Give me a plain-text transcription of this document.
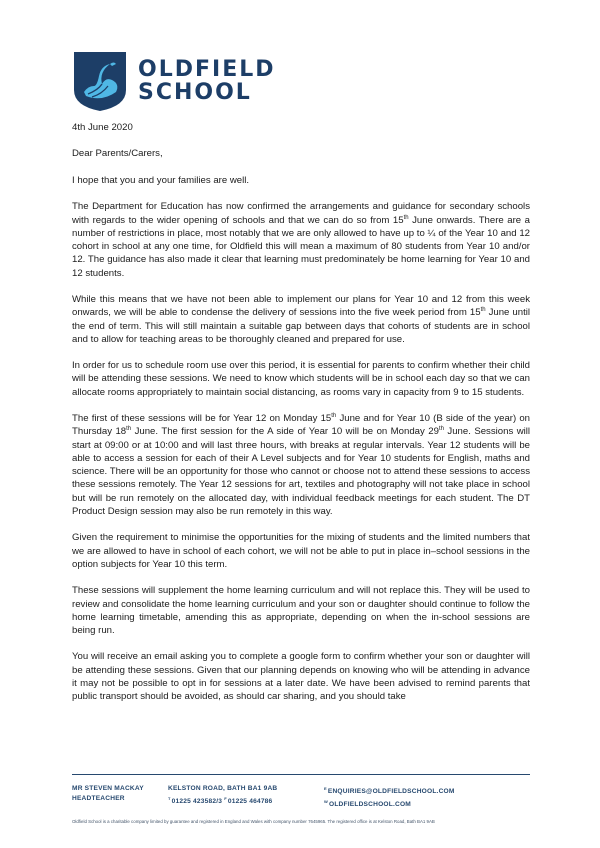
OLDFIELD
SCHOOL

4th June 2020

Dear Parents/Carers,

I hope that you and your families are well.

The Department for Education has now confirmed the arrangements and guidance for secondary schools with regards to the wider opening of schools and that we can do so from 15th June onwards. There are a number of restrictions in place, most notably that we are only allowed to have up to ¼ of the Year 10 and 12 cohort in school at any one time, for Oldfield this will mean a maximum of 80 students from Year 10 and/or 12. The guidance has also made it clear that learning must predominately be home learning for Year 10 and 12 students.

While this means that we have not been able to implement our plans for Year 10 and 12 from this week onwards, we will be able to condense the delivery of sessions into the five week period from 15th June until the end of term. This will still maintain a suitable gap between days that cohorts of students are in school and to allow for teaching areas to be thoroughly cleaned and prepared for use.

In order for us to schedule room use over this period, it is essential for parents to confirm whether their child will be attending these sessions. We need to know which students will be in school each day so that we can allocate rooms appropriately to maintain social distancing, as rooms vary in capacity from 9 to 15 students.

The first of these sessions will be for Year 12 on Monday 15th June and for Year 10 (B side of the year) on Thursday 18th June. The first session for the A side of Year 10 will be on Monday 29th June. Sessions will start at 09:00 or at 10:00 and will last three hours, with breaks at regular intervals. Year 12 students will be able to access a session for each of their A Level subjects and for Year 10 students for English, maths and science. There will be an opportunity for those who cannot or choose not to attend these sessions to access these sessions remotely. The Year 12 sessions for art, textiles and photography will not take place in school but will be run remotely on the allocated day, with individual feedback meetings for each student. The DT Product Design session may also be run remotely in this way.

Given the requirement to minimise the opportunities for the mixing of students and the limited numbers that we are allowed to have in school of each cohort, we will not be able to put in place in–school sessions in the option subjects for Year 10 this term.

These sessions will supplement the home learning curriculum and will not replace this. They will be used to review and consolidate the home learning curriculum and your son or daughter should continue to follow the home learning timetable, amending this as appropriate, depending on when the in-school sessions are being run.

You will receive an email asking you to complete a google form to confirm whether your son or daughter will be attending these sessions. Given that our planning depends on knowing who will be attending in advance it may not be possible to opt in for sessions at a later date. We have been advised to remind parents that public transport should be avoided, as should car sharing, and you should take

MR STEVEN MACKAY
HEADTEACHER
KELSTON ROAD, BATH BA1 9AB
$^T$01225 423582/3 $^F$01225 464786
$^E$ENQUIRIES@OLDFIELDSCHOOL.COM
$^W$OLDFIELDSCHOOL.COM
Oldfield School is a charitable company limited by guarantee and registered in England and Wales with company number 7645965. The registered office is at Kelston Road, Bath BA1 9AB
